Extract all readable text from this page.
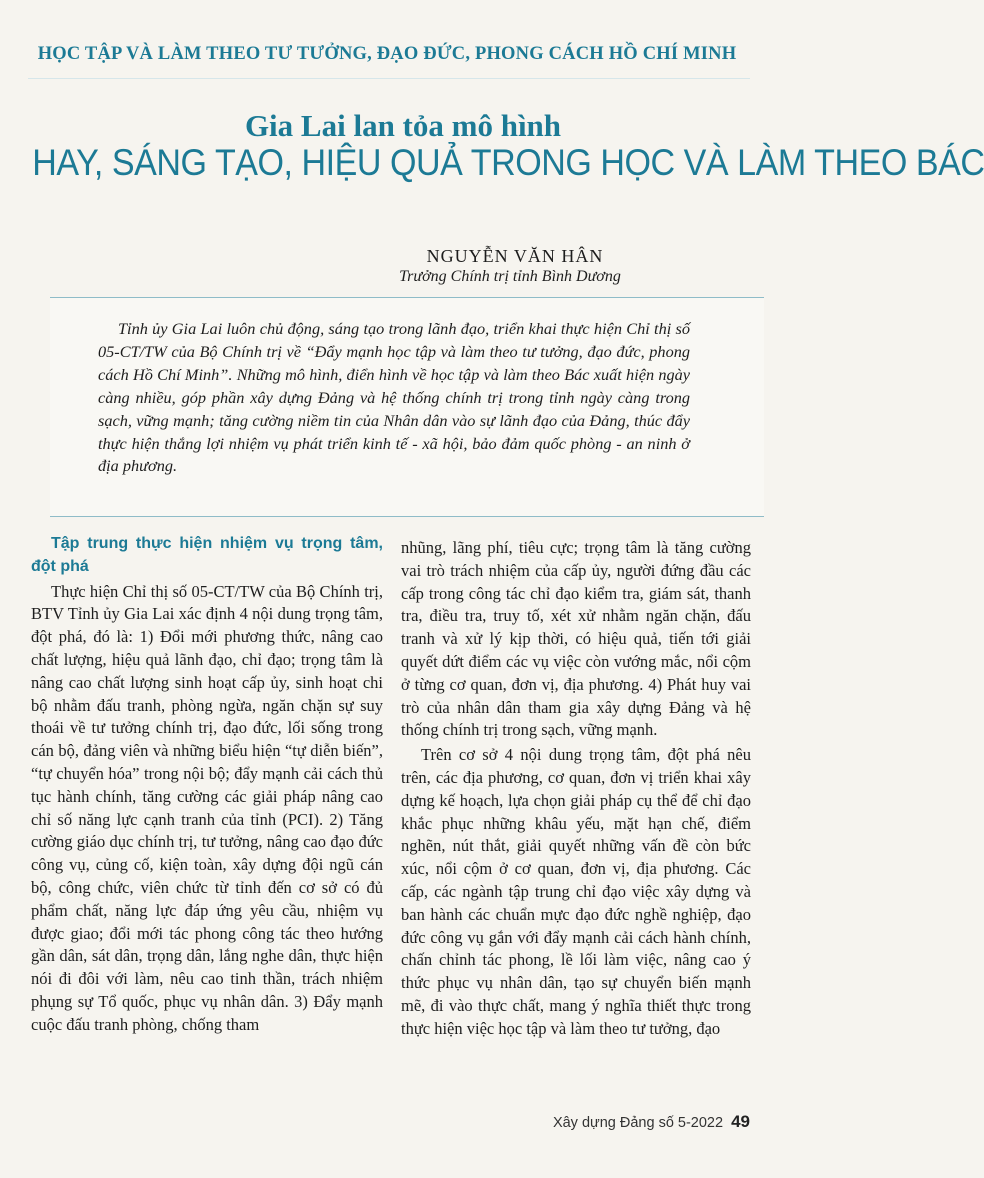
HỌC TẬP VÀ LÀM THEO TƯ TƯỞNG, ĐẠO ĐỨC, PHONG CÁCH HỒ CHÍ MINH
Gia Lai lan tỏa mô hình
HAY, SÁNG TẠO, HIỆU QUẢ TRONG HỌC VÀ LÀM THEO BÁC
NGUYỄN VĂN HÂN
Trưởng Chính trị tỉnh Bình Dương
Tỉnh ủy Gia Lai luôn chủ động, sáng tạo trong lãnh đạo, triển khai thực hiện Chỉ thị số 05-CT/TW của Bộ Chính trị về “Đẩy mạnh học tập và làm theo tư tưởng, đạo đức, phong cách Hồ Chí Minh”. Những mô hình, điển hình về học tập và làm theo Bác xuất hiện ngày càng nhiều, góp phần xây dựng Đảng và hệ thống chính trị trong tỉnh ngày càng trong sạch, vững mạnh; tăng cường niềm tin của Nhân dân vào sự lãnh đạo của Đảng, thúc đẩy thực hiện thắng lợi nhiệm vụ phát triển kinh tế - xã hội, bảo đảm quốc phòng - an ninh ở địa phương.
Tập trung thực hiện nhiệm vụ trọng tâm, đột phá

Thực hiện Chỉ thị số 05-CT/TW của Bộ Chính trị, BTV Tỉnh ủy Gia Lai xác định 4 nội dung trọng tâm, đột phá, đó là: 1) Đổi mới phương thức, nâng cao chất lượng, hiệu quả lãnh đạo, chỉ đạo; trọng tâm là nâng cao chất lượng sinh hoạt cấp ủy, sinh hoạt chi bộ nhằm đấu tranh, phòng ngừa, ngăn chặn sự suy thoái về tư tưởng chính trị, đạo đức, lối sống trong cán bộ, đảng viên và những biểu hiện “tự diễn biến”, “tự chuyển hóa” trong nội bộ; đẩy mạnh cải cách thủ tục hành chính, tăng cường các giải pháp nâng cao chỉ số năng lực cạnh tranh của tỉnh (PCI). 2) Tăng cường giáo dục chính trị, tư tưởng, nâng cao đạo đức công vụ, củng cố, kiện toàn, xây dựng đội ngũ cán bộ, công chức, viên chức từ tỉnh đến cơ sở có đủ phẩm chất, năng lực đáp ứng yêu cầu, nhiệm vụ được giao; đổi mới tác phong công tác theo hướng gần dân, sát dân, trọng dân, lắng nghe dân, thực hiện nói đi đôi với làm, nêu cao tinh thần, trách nhiệm phụng sự Tổ quốc, phục vụ nhân dân. 3) Đẩy mạnh cuộc đấu tranh phòng, chống tham

nhũng, lãng phí, tiêu cực; trọng tâm là tăng cường vai trò trách nhiệm của cấp ủy, người đứng đầu các cấp trong công tác chỉ đạo kiểm tra, giám sát, thanh tra, điều tra, truy tố, xét xử nhằm ngăn chặn, đấu tranh và xử lý kịp thời, có hiệu quả, tiến tới giải quyết dứt điểm các vụ việc còn vướng mắc, nổi cộm ở từng cơ quan, đơn vị, địa phương. 4) Phát huy vai trò của nhân dân tham gia xây dựng Đảng và hệ thống chính trị trong sạch, vững mạnh.

Trên cơ sở 4 nội dung trọng tâm, đột phá nêu trên, các địa phương, cơ quan, đơn vị triển khai xây dựng kế hoạch, lựa chọn giải pháp cụ thể để chỉ đạo khắc phục những khâu yếu, mặt hạn chế, điểm nghẽn, nút thắt, giải quyết những vấn đề còn bức xúc, nổi cộm ở cơ quan, đơn vị, địa phương. Các cấp, các ngành tập trung chỉ đạo việc xây dựng và ban hành các chuẩn mực đạo đức nghề nghiệp, đạo đức công vụ gắn với đẩy mạnh cải cách hành chính, chấn chỉnh tác phong, lề lối làm việc, nâng cao ý thức phục vụ nhân dân, tạo sự chuyển biến mạnh mẽ, đi vào thực chất, mang ý nghĩa thiết thực trong thực hiện việc học tập và làm theo tư tưởng, đạo

Xây dựng Đảng số 5-2022 49
